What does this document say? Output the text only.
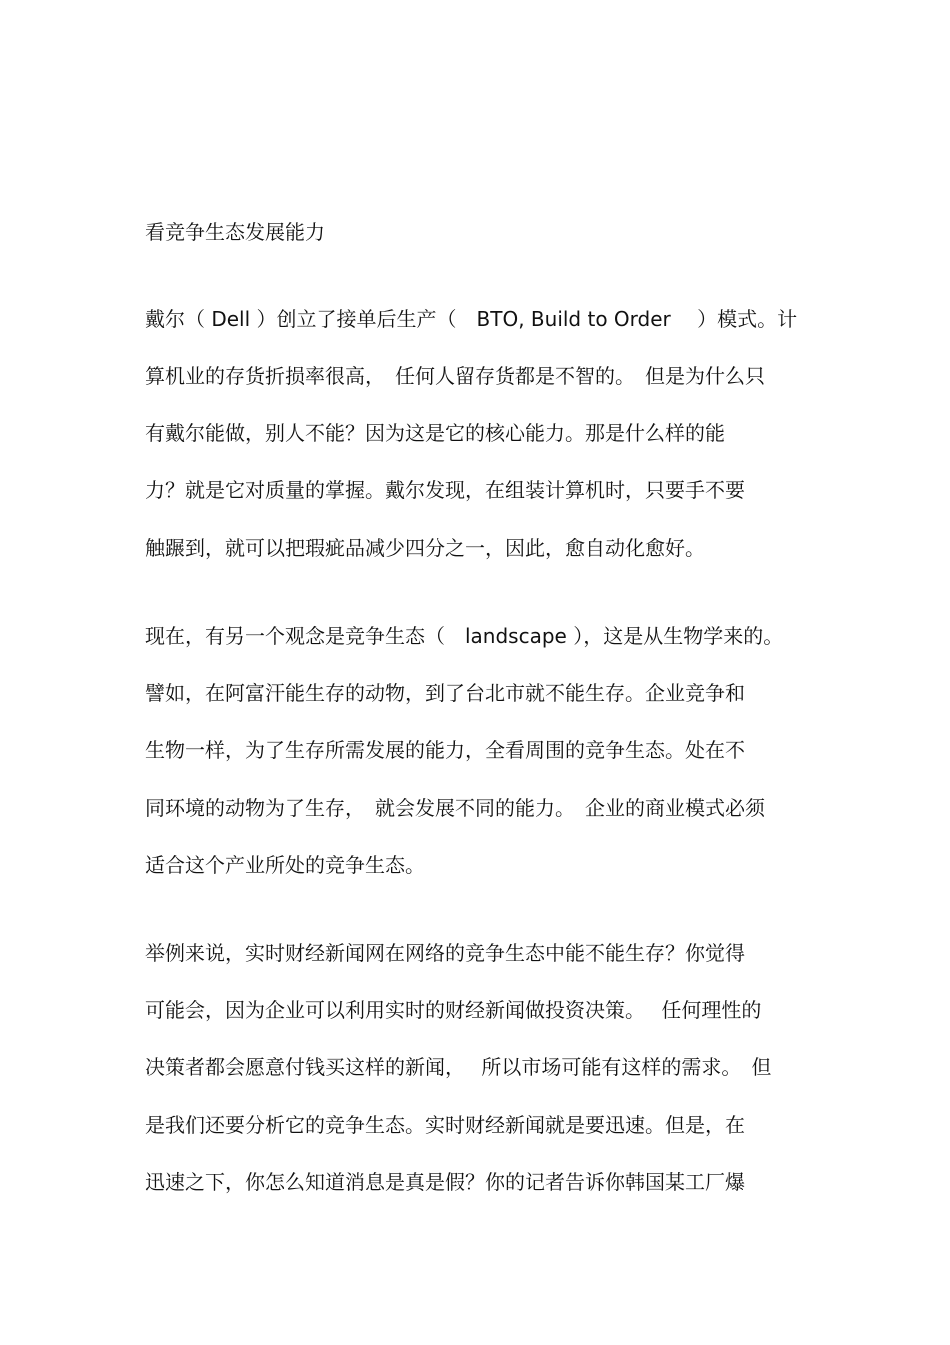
看竞争生态发展能力
戴尔（ Dell ）创立了接单后生产（　BTO, Build to Order　 ）模式。计
算机业的存货折损率很高，　任何人留存货都是不智的。　但是为什么只
有戴尔能做，别人不能？因为这是它的核心能力。那是什么样的能
力？就是它对质量的掌握。戴尔发现，在组装计算机时，只要手不要
触蹍到，就可以把瑕疵品减少四分之一，因此，愈自动化愈好。
现在，有另一个观念是竞争生态（　landscape ），这是从生物学来的。
譬如，在阿富汗能生存的动物，到了台北市就不能生存。企业竞争和
生物一样，为了生存所需发展的能力，全看周围的竞争生态。处在不
同环境的动物为了生存，　就会发展不同的能力。　企业的商业模式必须
适合这个产业所处的竞争生态。
举例来说，实时财经新闻网在网络的竞争生态中能不能生存？你觉得
可能会，因为企业可以利用实时的财经新闻做投资决策。　 任何理性的
决策者都会愿意付钱买这样的新闻，　 所以市场可能有这样的需求。　但
是我们还要分析它的竞争生态。实时财经新闻就是要迅速。但是，在
迅速之下，你怎么知道消息是真是假？你的记者告诉你韩国某工厂爆
